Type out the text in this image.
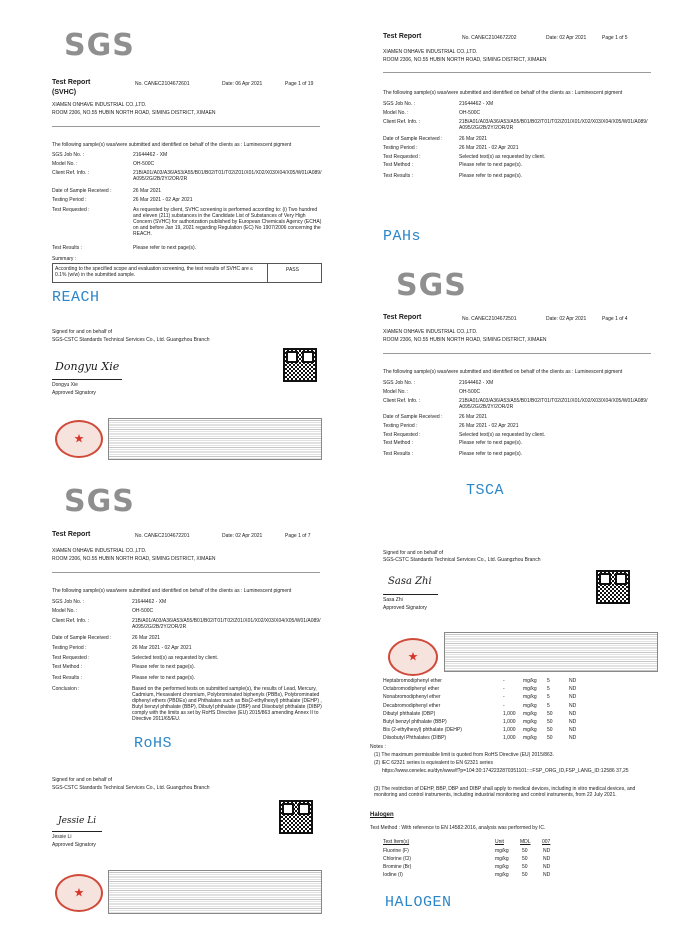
SGS
Test Report	No. CANEC2104672601	Date: 06 Apr 2021	Page 1 of 19
(SVHC)
XIAMEN ONHAVE INDUSTRIAL CO.,LTD.
ROOM 2306, NO.55 HUBIN NORTH ROAD, SIMING DISTRICT, XIMAEN
The following sample(s) was/were submitted and identified on behalf of the clients as : Luminescent pigment
SGS Job No. :	21644462 - XM
Model No. :	OH-500C
Client Ref. Info. :	21B/A01/A03/A36/A53/A55/B01/B02/T01/T02/Z01/X01/X02/X03/X04/X05/W01/A089/A095/2G/2B/2Y/2OR/2R
Date of Sample Received :	26 Mar 2021
Testing Period :	26 Mar 2021 - 02 Apr 2021
Test Requested :	As requested by client, SVHC screening is performed according to: (i) Two hundred and eleven (211) substances in the Candidate List of Substances of Very High Concern (SVHC) for authorization published by European Chemicals Agency (ECHA) on and before Jan 19, 2021 regarding Regulation (EC) No 1907/2006 concerning the REACH.
Test Results :	Please refer to next page(s).
Summary :
According to the specified scope and evaluation screening, the test results of SVHC are ≤ 0.1% (w/w) in the submitted sample.
PASS
REACH
Signed for and on behalf of
SGS-CSTC Standards Technical Services Co., Ltd. Guangzhou Branch
Dongyu Xie
Dongyu Xie
Approved Signatory
★
Test Report	No. CANEC2104672202	Date: 02 Apr 2021	Page 1 of 5
XIAMEN ONHAVE INDUSTRIAL CO.,LTD.
ROOM 2306, NO.55 HUBIN NORTH ROAD, SIMING DISTRICT, XIMAEN
The following sample(s) was/were submitted and identified on behalf of the clients as : Luminescent pigment
SGS Job No. :	21644462 - XM
Model No. :	OH-500C
Client Ref. Info. :	21B/A01/A03/A36/A53/A55/B01/B02/T01/T02/Z01/X01/X02/X03/X04/X05/W01/A089/A095/2G/2B/2Y/2OR/2R
Date of Sample Received :	26 Mar 2021
Testing Period :	26 Mar 2021 - 02 Apr 2021
Test Requested :	Selected test(s) as requested by client.
Test Method :	Please refer to next page(s).
Test Results :	Please refer to next page(s).
PAHs
SGS
Test Report	No. CANEC2104672501	Date: 02 Apr 2021	Page 1 of 4
XIAMEN ONHAVE INDUSTRIAL CO.,LTD.
ROOM 2306, NO.55 HUBIN NORTH ROAD, SIMING DISTRICT, XIMAEN
The following sample(s) was/were submitted and identified on behalf of the clients as : Luminescent pigment
SGS Job No. :	21644462 - XM
Model No. :	OH-500C
Client Ref. Info. :	21B/A01/A03/A36/A53/A55/B01/B02/T01/T02/Z01/X01/X02/X03/X04/X05/W01/A089/A095/2G/2B/2Y/2OR/2R
Date of Sample Received :	26 Mar 2021
Testing Period :	26 Mar 2021 - 02 Apr 2021
Test Requested :	Selected test(s) as requested by client.
Test Method :	Please refer to next page(s).
Test Results :	Please refer to next page(s).
TSCA
SGS
Test Report	No. CANEC2104672201	Date: 02 Apr 2021	Page 1 of 7
XIAMEN ONHAVE INDUSTRIAL CO.,LTD.
ROOM 2306, NO.55 HUBIN NORTH ROAD, SIMING DISTRICT, XIMAEN
The following sample(s) was/were submitted and identified on behalf of the clients as : Luminescent pigment
SGS Job No. :	21644462 - XM
Model No. :	OH-500C
Client Ref. Info. :	21B/A01/A03/A36/A53/A55/B01/B02/T01/T02/Z01/X01/X02/X03/X04/X05/W01/A089/A095/2G/2B/2Y/2OR/2R
Date of Sample Received :	26 Mar 2021
Testing Period :	26 Mar 2021 - 02 Apr 2021
Test Requested :	Selected test(s) as requested by client.
Test Method :	Please refer to next page(s).
Test Results :	Please refer to next page(s).
Conclusion :	Based on the performed tests on submitted sample(s), the results of Lead, Mercury, Cadmium, Hexavalent chromium, Polybrominated biphenyls (PBBs), Polybrominated diphenyl ethers (PBDEs) and Phthalates such as Bis(2-ethylhexyl) phthalate (DEHP) , Butyl benzyl phthalate (BBP), Dibutyl phthalate (DBP) and Diisobutyl phthalate (DIBP) comply with the limits as set by RoHS Directive (EU) 2015/863 amending Annex II to Directive 2011/65/EU.
RoHS
Signed for and on behalf of
SGS-CSTC Standards Technical Services Co., Ltd. Guangzhou Branch
Jessie Li
Jessie Li
Approved Signatory
★
Signed for and on behalf of
SGS-CSTC Standards Technical Services Co., Ltd. Guangzhou Branch
Sasa Zhi
Sasa Zhi
Approved Signatory
★
Heptabromodiphenyl ether	-	mg/kg 5	ND
Octabromodiphenyl ether	-	mg/kg 5	ND
Nonabromodiphenyl ether	-	mg/kg 5	ND
Decabromodiphenyl ether	-	mg/kg 5	ND
Dibutyl phthalate (DBP)	1,000 mg/kg 50	ND
Butyl benzyl phthalate (BBP)	1,000 mg/kg 50	ND
Bis (2-ethylhexyl) phthalate (DEHP)	1,000 mg/kg 50	ND
Diisobutyl Phthalates (DIBP)	1,000 mg/kg 50	ND
Notes :
(1) The maximum permissible limit is quoted from RoHS Directive (EU) 2015/863.
(2) IEC 62321 series is equivalent to EN 62321 series
https://www.cenelec.eu/dyn/www/f?p=104:30:1742232870351101::::FSP_ORG_ID,FSP_LANG_ID:12586 37,25
(3) The restriction of DEHP, BBP, DBP and DIBP shall apply to medical devices, including in vitro medical devices, and monitoring and control instruments, including industrial monitoring and control instruments, from 22 July 2021.
Halogen
Test Method : With reference to EN 14582:2016, analysis was performed by IC.
Test Item(s)	Unit	MDL 007
Fluorine (F)	mg/kg	50	ND
Chlorine (Cl)	mg/kg	50	ND
Bromine (Br)	mg/kg	50	ND
Iodine (I)	mg/kg	50	ND
HALOGEN
